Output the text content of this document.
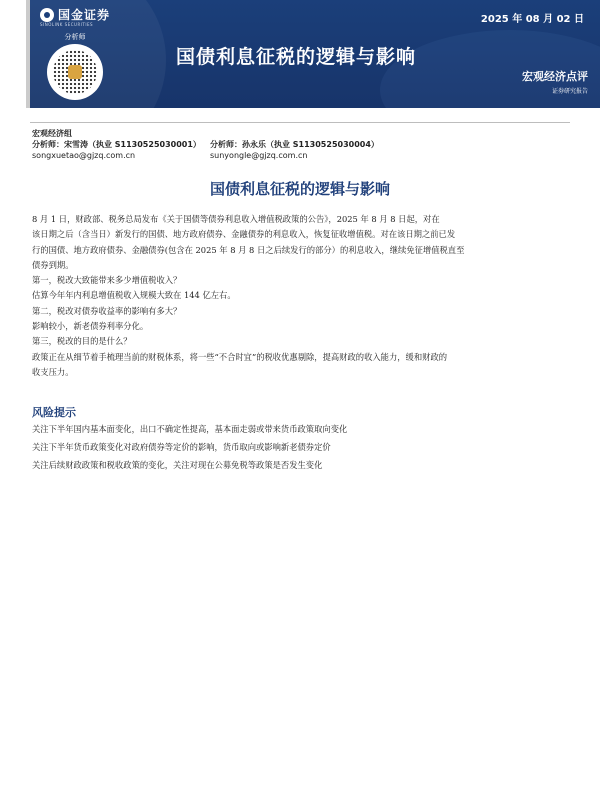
国金证券
SINOLINK SECURITIES	2025 年 08 月 02 日
分析师
国债利息征税的逻辑与影响
宏观经济点评
证券研究报告
宏观经济组
分析师：宋雪涛（执业 S1130525030001）	分析师：孙永乐（执业 S1130525030004）
songxuetao@gjzq.com.cn	sunyongle@gjzq.com.cn
国债利息征税的逻辑与影响

8 月 1 日，财政部、税务总局发布《关于国债等债券利息收入增值税政策的公告》，2025 年 8 月 8 日起，对在

该日期之后（含当日）新发行的国债、地方政府债券、金融债券的利息收入，恢复征收增值税。对在该日期之前已发

行的国债、地方政府债券、金融债券(包含在 2025 年 8 月 8 日之后续发行的部分）的利息收入，继续免征增值税直至

债券到期。

第一，税改大致能带来多少增值税收入？

估算今年年内利息增值税收入规模大致在 144 亿左右。

第二，税改对债券收益率的影响有多大？

影响较小，新老债券利率分化。

第三，税改的目的是什么？

政策正在从细节着手梳理当前的财税体系，将一些“不合时宜”的税收优惠剔除，提高财政的收入能力，缓和财政的

收支压力。

风险提示

关注下半年国内基本面变化，出口不确定性提高，基本面走弱或带来货币政策取向变化

关注下半年货币政策变化对政府债券等定价的影响，货币取向或影响新老债券定价

关注后续财政政策和税收政策的变化，关注对现在公募免税等政策是否发生变化
